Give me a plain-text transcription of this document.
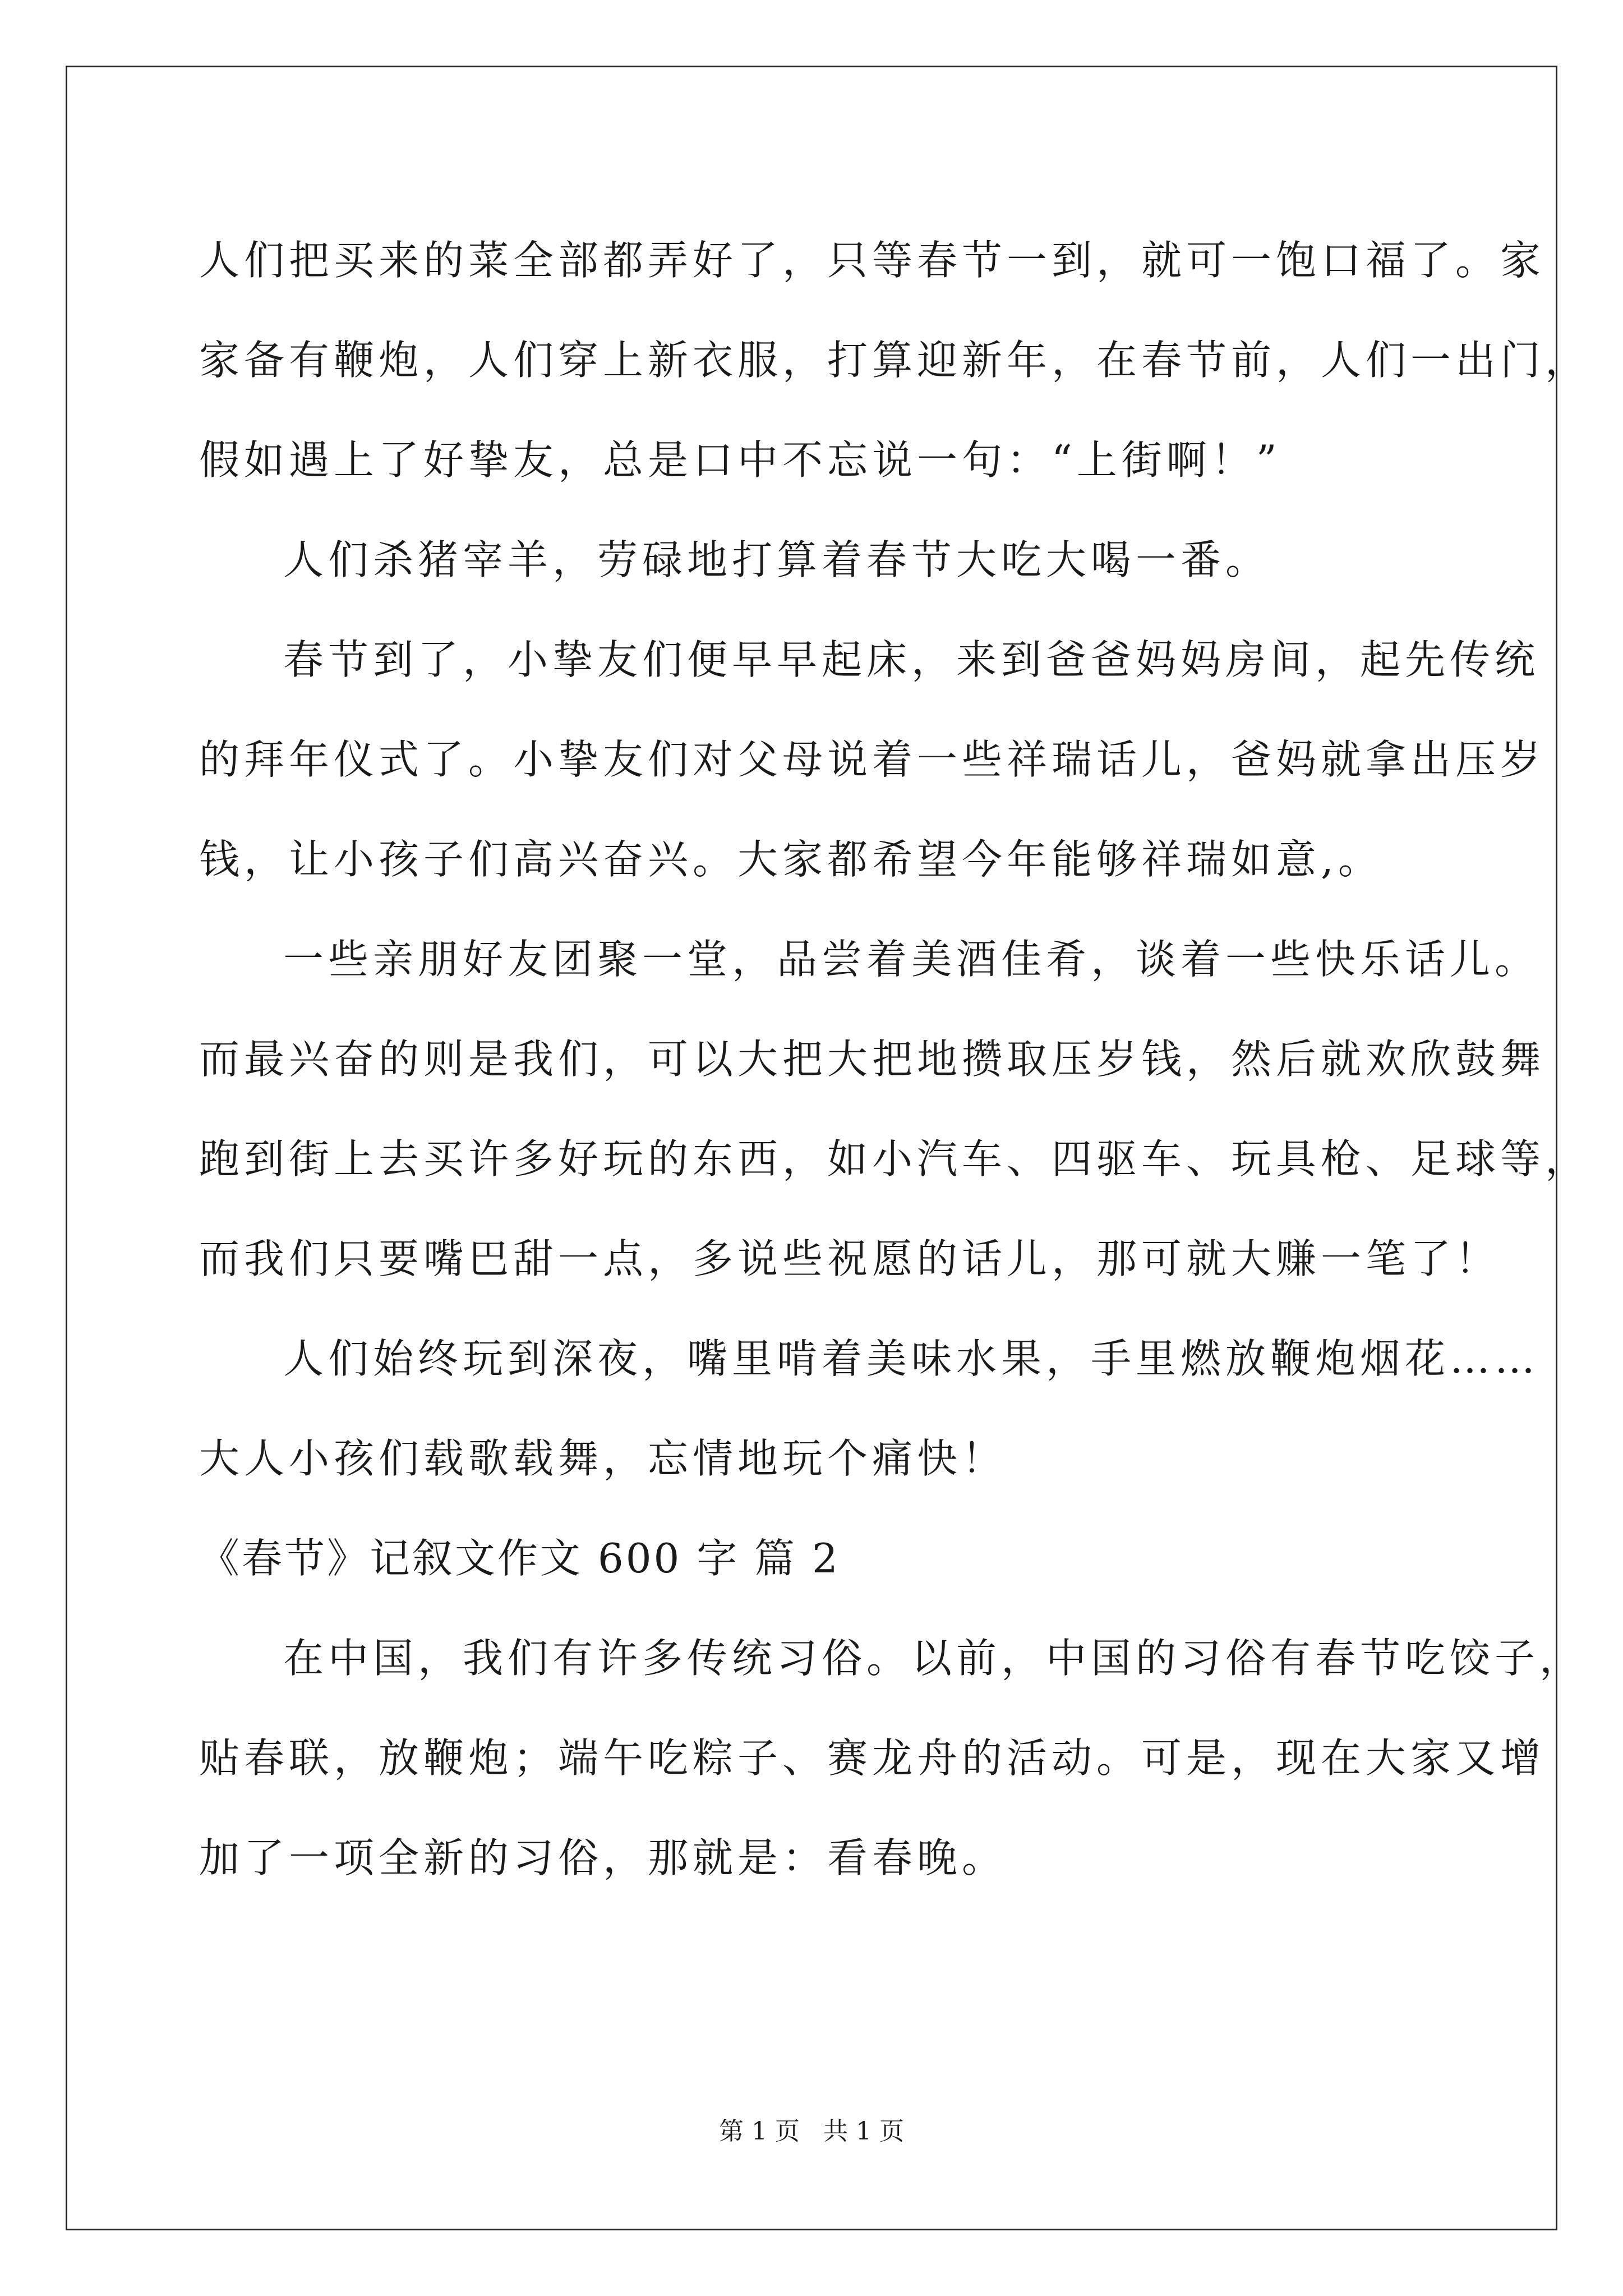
人们把买来的菜全部都弄好了，只等春节一到，就可一饱口福了。家
家备有鞭炮，人们穿上新衣服，打算迎新年，在春节前，人们一出门，
假如遇上了好挚友，总是口中不忘说一句：“上街啊！”
人们杀猪宰羊，劳碌地打算着春节大吃大喝一番。
春节到了，小挚友们便早早起床，来到爸爸妈妈房间，起先传统
的拜年仪式了。小挚友们对父母说着一些祥瑞话儿，爸妈就拿出压岁
钱，让小孩子们高兴奋兴。大家都希望今年能够祥瑞如意,。
一些亲朋好友团聚一堂，品尝着美酒佳肴，谈着一些快乐话儿。
而最兴奋的则是我们，可以大把大把地攒取压岁钱，然后就欢欣鼓舞
跑到街上去买许多好玩的东西，如小汽车、四驱车、玩具枪、足球等，
而我们只要嘴巴甜一点，多说些祝愿的话儿，那可就大赚一笔了！
人们始终玩到深夜，嘴里啃着美味水果，手里燃放鞭炮烟花……
大人小孩们载歌载舞，忘情地玩个痛快！
《春节》记叙文作文 600 字 篇 2
在中国，我们有许多传统习俗。以前，中国的习俗有春节吃饺子，
贴春联，放鞭炮；端午吃粽子、赛龙舟的活动。可是，现在大家又增
加了一项全新的习俗，那就是：看春晚。
第 1 页 共 1 页
